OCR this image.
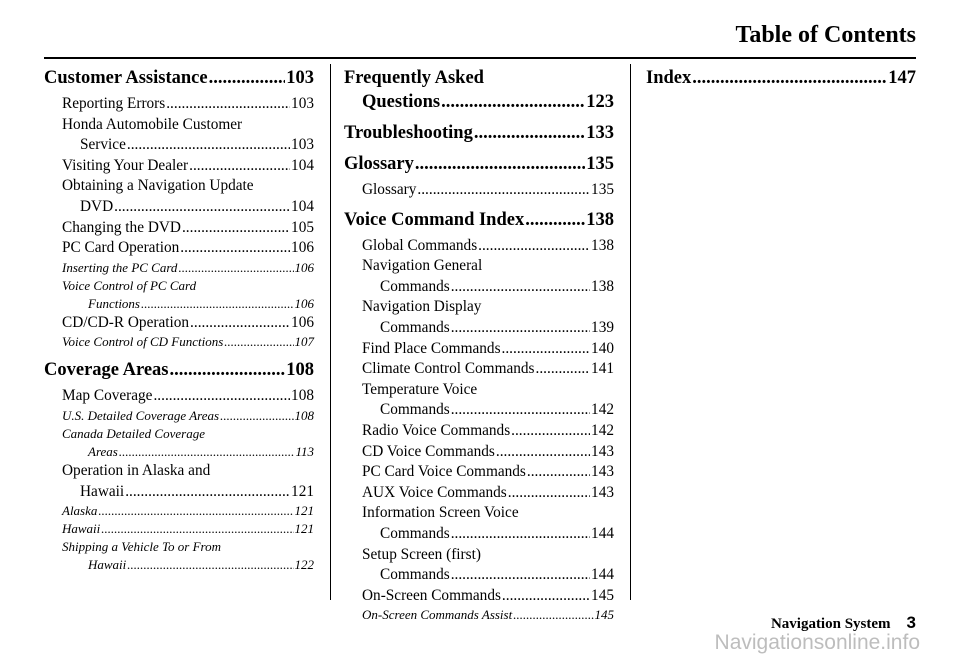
Table of Contents
Customer Assistance .....	103
Reporting Errors .....	103
Honda Automobile Customer
Service .....	103
Visiting Your Dealer .....	104
Obtaining a Navigation Update
DVD .....	104
Changing the DVD .....	105
PC Card Operation .....	106
Inserting the PC Card .....	106
Voice Control of PC Card
Functions .....	106
CD/CD-R Operation .....	106
Voice Control of CD Functions .....	107
Coverage Areas .....	108
Map Coverage .....	108
U.S. Detailed Coverage Areas .....	108
Canada Detailed Coverage
Areas .....	113
Operation in Alaska and
Hawaii .....	121
Alaska .....	121
Hawaii .....	121
Shipping a Vehicle To or From
Hawaii .....	122
Frequently Asked
Questions .....	123
Troubleshooting .....	133
Glossary .....	135
Glossary .....	135
Voice Command Index .....	138
Global Commands .....	138
Navigation General
Commands .....	138
Navigation Display
Commands .....	139
Find Place Commands .....	140
Climate Control Commands .....	141
Temperature Voice
Commands .....	142
Radio Voice Commands .....	142
CD Voice Commands .....	143
PC Card Voice Commands .....	143
AUX Voice Commands .....	143
Information Screen Voice
Commands .....	144
Setup Screen (first)
Commands .....	144
On-Screen Commands .....	145
On-Screen Commands Assist .....	145
Index .....	147
Navigation System 3
Navigationsonline.info
